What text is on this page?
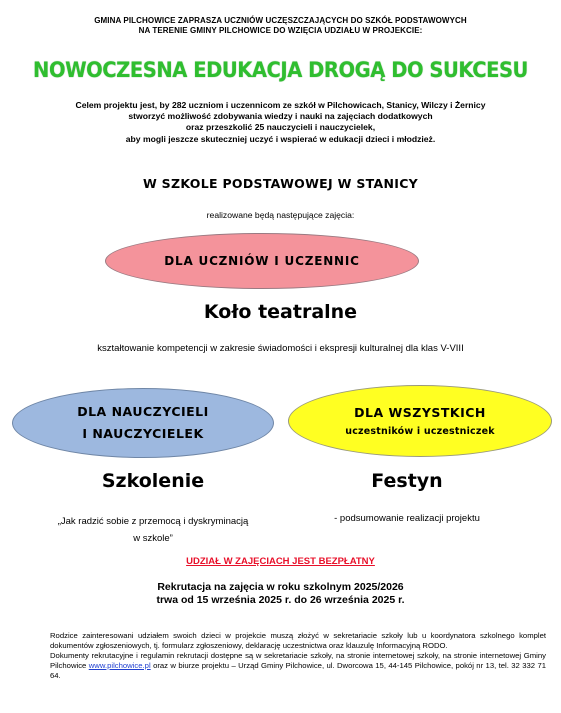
GMINA PILCHOWICE ZAPRASZA UCZNIÓW UCZĘSZCZAJĄCYCH DO SZKÓŁ PODSTAWOWYCH
NA TERENIE GMINY PILCHOWICE DO WZIĘCIA UDZIAŁU W PROJEKCIE:
NOWOCZESNA EDUKACJA DROGĄ DO SUKCESU
Celem projektu jest, by 282 uczniom i uczennicom ze szkół w Pilchowicach, Stanicy, Wilczy i Żernicy
stworzyć możliwość zdobywania wiedzy i nauki na zajęciach dodatkowych
oraz przeszkolić 25 nauczycieli i nauczycielek,
aby mogli jeszcze skuteczniej uczyć i wspierać w edukacji dzieci i młodzież.
W SZKOLE PODSTAWOWEJ W STANICY
realizowane będą następujące zajęcia:
DLA UCZNIÓW I UCZENNIC
Koło teatralne
kształtowanie kompetencji w zakresie świadomości i ekspresji kulturalnej dla klas V-VIII
DLA NAUCZYCIELI
I NAUCZYCIELEK
DLA WSZYSTKICH
uczestników i uczestniczek
Szkolenie	Festyn
„Jak radzić sobie z przemocą i dyskryminacją
w szkole”
- podsumowanie realizacji projektu
UDZIAŁ W ZAJĘCIACH JEST BEZPŁATNY
Rekrutacja na zajęcia w roku szkolnym 2025/2026
trwa od 15 września 2025 r. do 26 września 2025 r.

Rodzice zainteresowani udziałem swoich dzieci w projekcie muszą złożyć w sekretariacie szkoły lub u koordynatora szkolnego komplet dokumentów zgłoszeniowych, tj. formularz zgłoszeniowy, deklarację uczestnictwa oraz klauzulę Informacyjną RODO.

Dokumenty rekrutacyjne i regulamin rekrutacji dostępne są w sekretariacie szkoły, na stronie internetowej szkoły, na stronie internetowej Gminy Pilchowice www.pilchowice.pl oraz w biurze projektu – Urząd Gminy Pilchowice, ul. Dworcowa 15, 44-145 Pilchowice, pokój nr 13, tel. 32 332 71 64.
